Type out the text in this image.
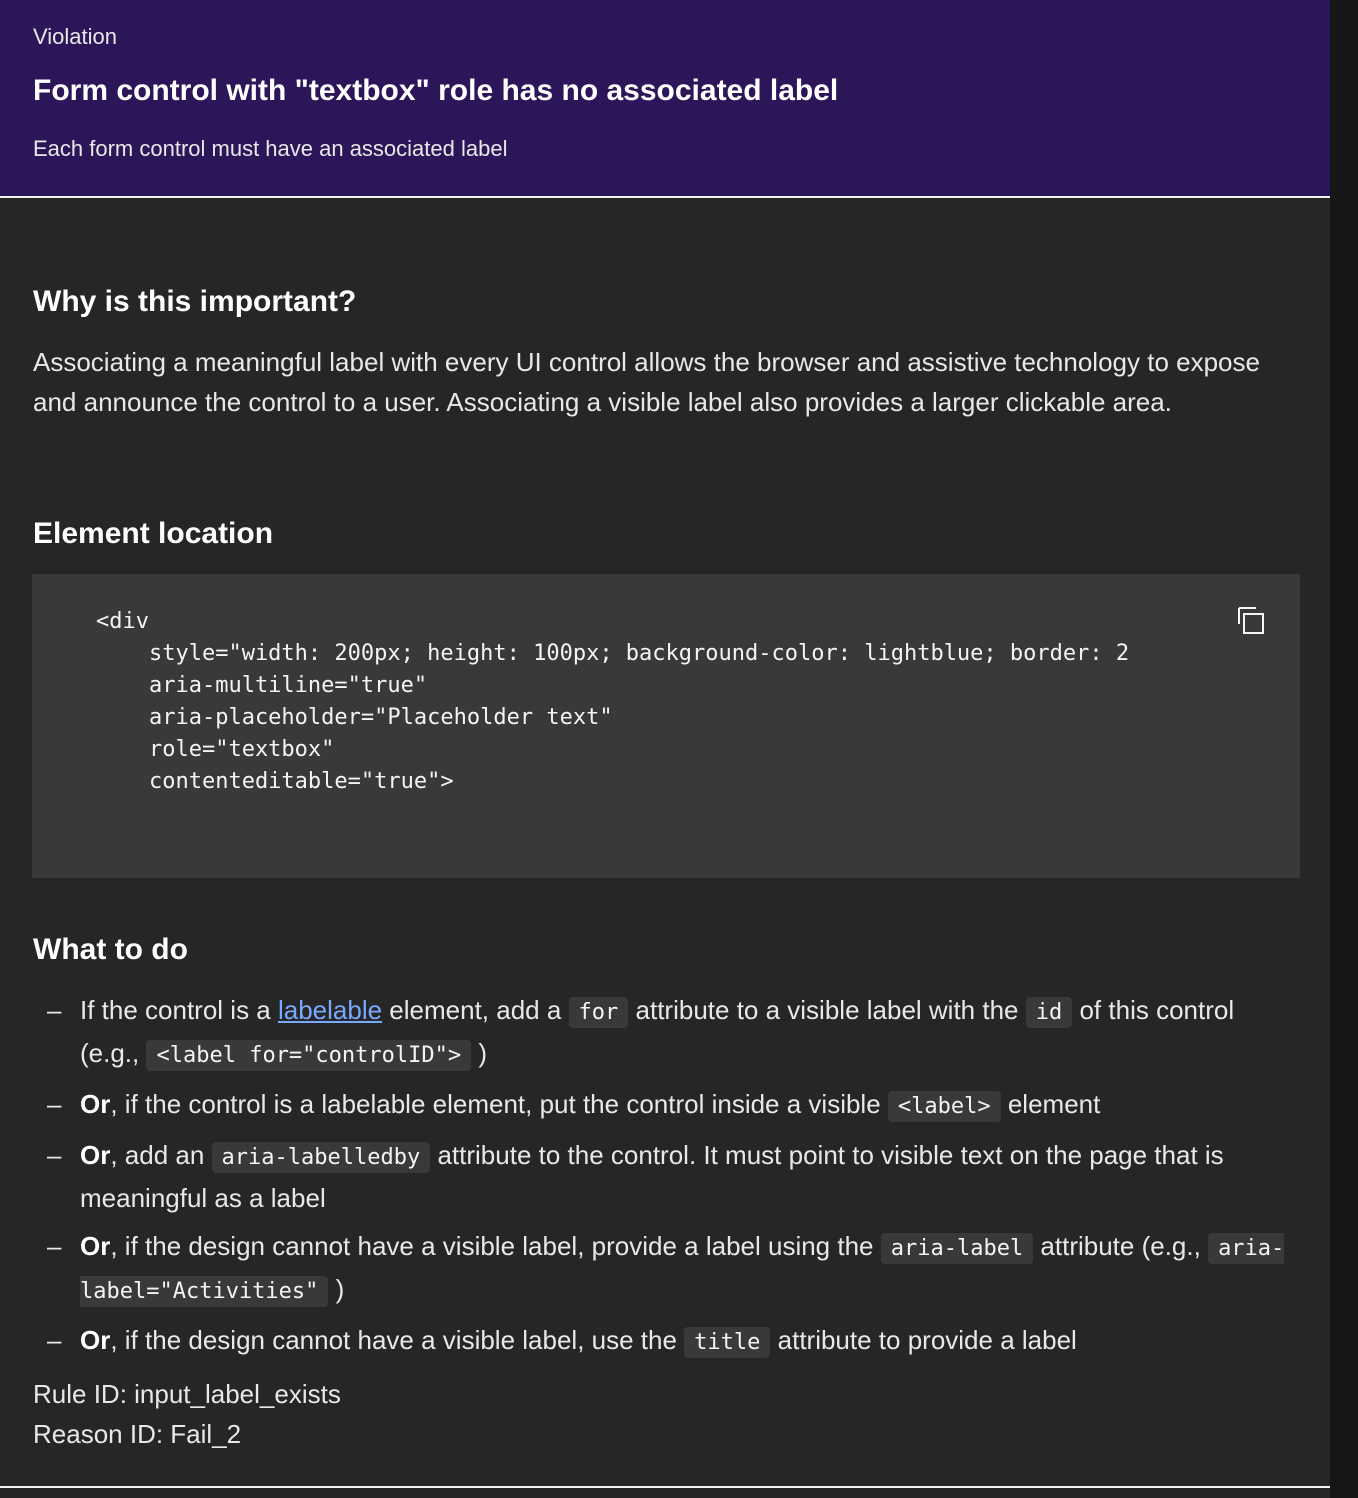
Violation
Form control with "textbox" role has no associated label
Each form control must have an associated label
Why is this important?
Associating a meaningful label with every UI control allows the browser and assistive technology to expose and announce the control to a user. Associating a visible label also provides a larger clickable area.
Element location
<div
style="width: 200px; height: 100px; background-color: lightblue; border: 2
aria-multiline="true"
aria-placeholder="Placeholder text"
role="textbox"
contenteditable="true">
What to do
– If the control is a labelable element, add a for attribute to a visible label with the id of this control (e.g., <label for="controlID"> )
– Or, if the control is a labelable element, put the control inside a visible <label> element
– Or, add an aria-labelledby attribute to the control. It must point to visible text on the page that is meaningful as a label
– Or, if the design cannot have a visible label, provide a label using the aria-label attribute (e.g., aria-label="Activities" )
– Or, if the design cannot have a visible label, use the title attribute to provide a label
Rule ID: input_label_exists
Reason ID: Fail_2
